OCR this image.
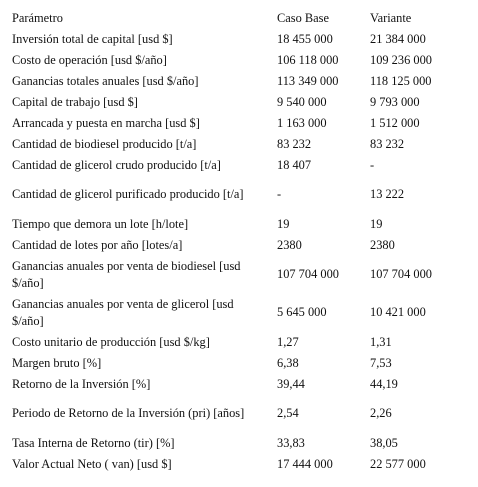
Parámetro	Caso Base	Variante
Inversión total de capital [usd $]	18 455 000	21 384 000
Costo de operación [usd $/año]	106 118 000	109 236 000
Ganancias totales anuales [usd $/año]	113 349 000	118 125 000
Capital de trabajo [usd $]	9 540 000	9 793 000
Arrancada y puesta en marcha [usd $]	1 163 000	1 512 000
Cantidad de biodiesel producido [t/a]	83 232	83 232
Cantidad de glicerol crudo producido [t/a]	18 407	-
Cantidad de glicerol purificado producido [t/a]	-	13 222
Tiempo que demora un lote [h/lote]	19	19
Cantidad de lotes por año [lotes/a]	2380	2380
Ganancias anuales por venta de biodiesel [usd $/año]	107 704 000	107 704 000
Ganancias anuales por venta de glicerol [usd $/año]	5 645 000	10 421 000
Costo unitario de producción [usd $/kg]	1,27	1,31
Margen bruto [%]	6,38	7,53
Retorno de la Inversión [%]	39,44	44,19
Periodo de Retorno de la Inversión (pri) [años]	2,54	2,26
Tasa Interna de Retorno (tir) [%]	33,83	38,05
Valor Actual Neto ( van) [usd $]	17 444 000	22 577 000
